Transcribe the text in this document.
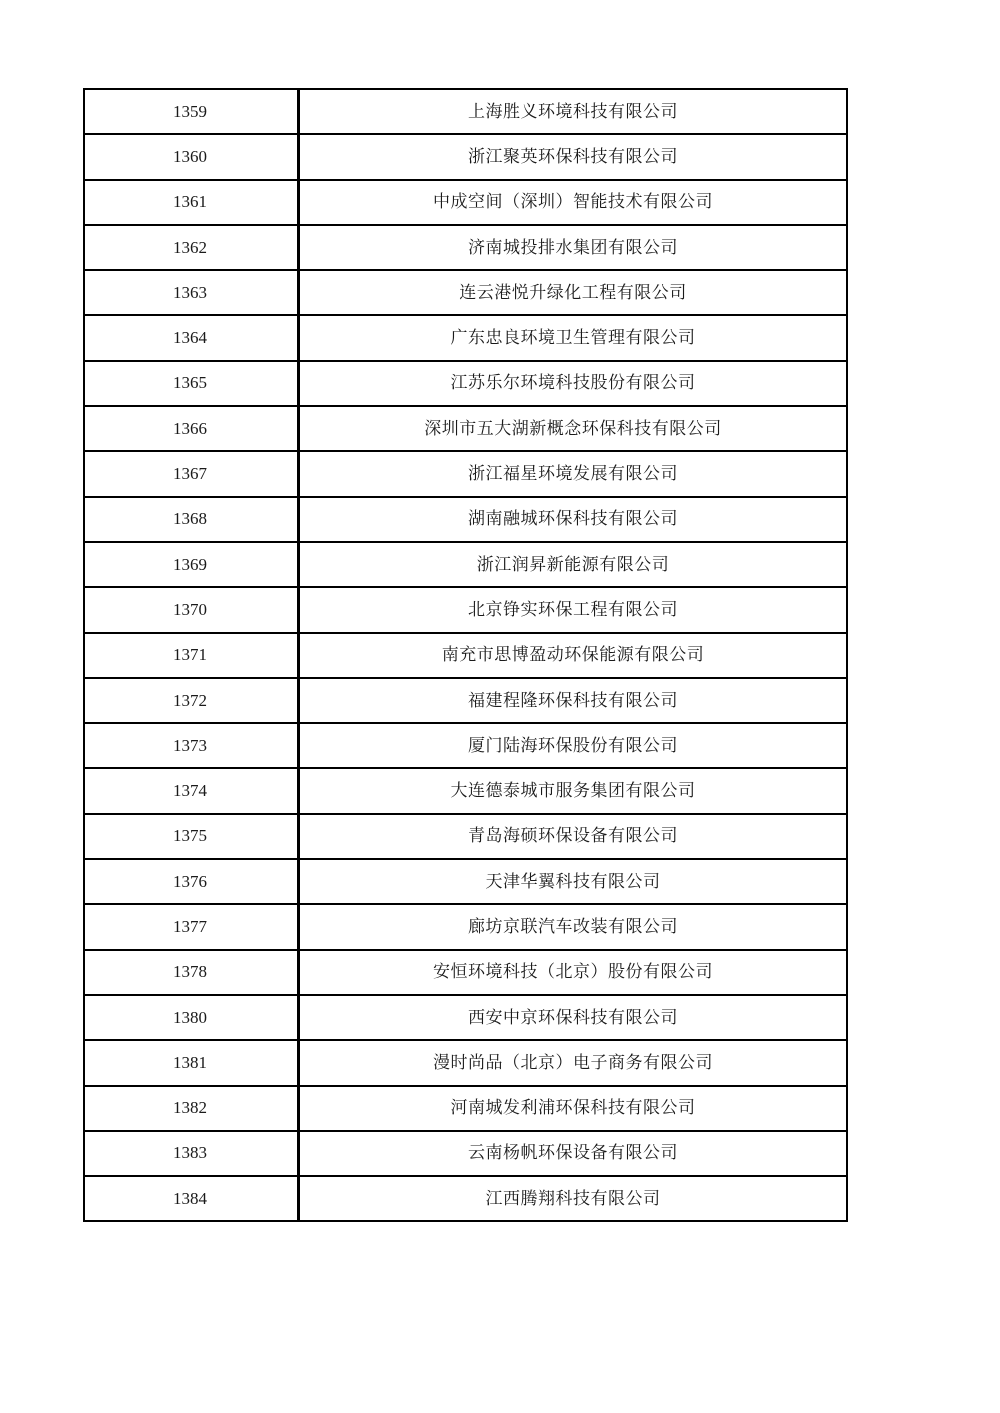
1359	上海胜义环境科技有限公司
1360	浙江聚英环保科技有限公司
1361	中成空间（深圳）智能技术有限公司
1362	济南城投排水集团有限公司
1363	连云港悦升绿化工程有限公司
1364	广东忠良环境卫生管理有限公司
1365	江苏乐尔环境科技股份有限公司
1366	深圳市五大湖新概念环保科技有限公司
1367	浙江福星环境发展有限公司
1368	湖南融城环保科技有限公司
1369	浙江润昇新能源有限公司
1370	北京铮实环保工程有限公司
1371	南充市思博盈动环保能源有限公司
1372	福建程隆环保科技有限公司
1373	厦门陆海环保股份有限公司
1374	大连德泰城市服务集团有限公司
1375	青岛海硕环保设备有限公司
1376	天津华翼科技有限公司
1377	廊坊京联汽车改装有限公司
1378	安恒环境科技（北京）股份有限公司
1380	西安中京环保科技有限公司
1381	漫时尚品（北京）电子商务有限公司
1382	河南城发利浦环保科技有限公司
1383	云南杨帆环保设备有限公司
1384	江西腾翔科技有限公司
